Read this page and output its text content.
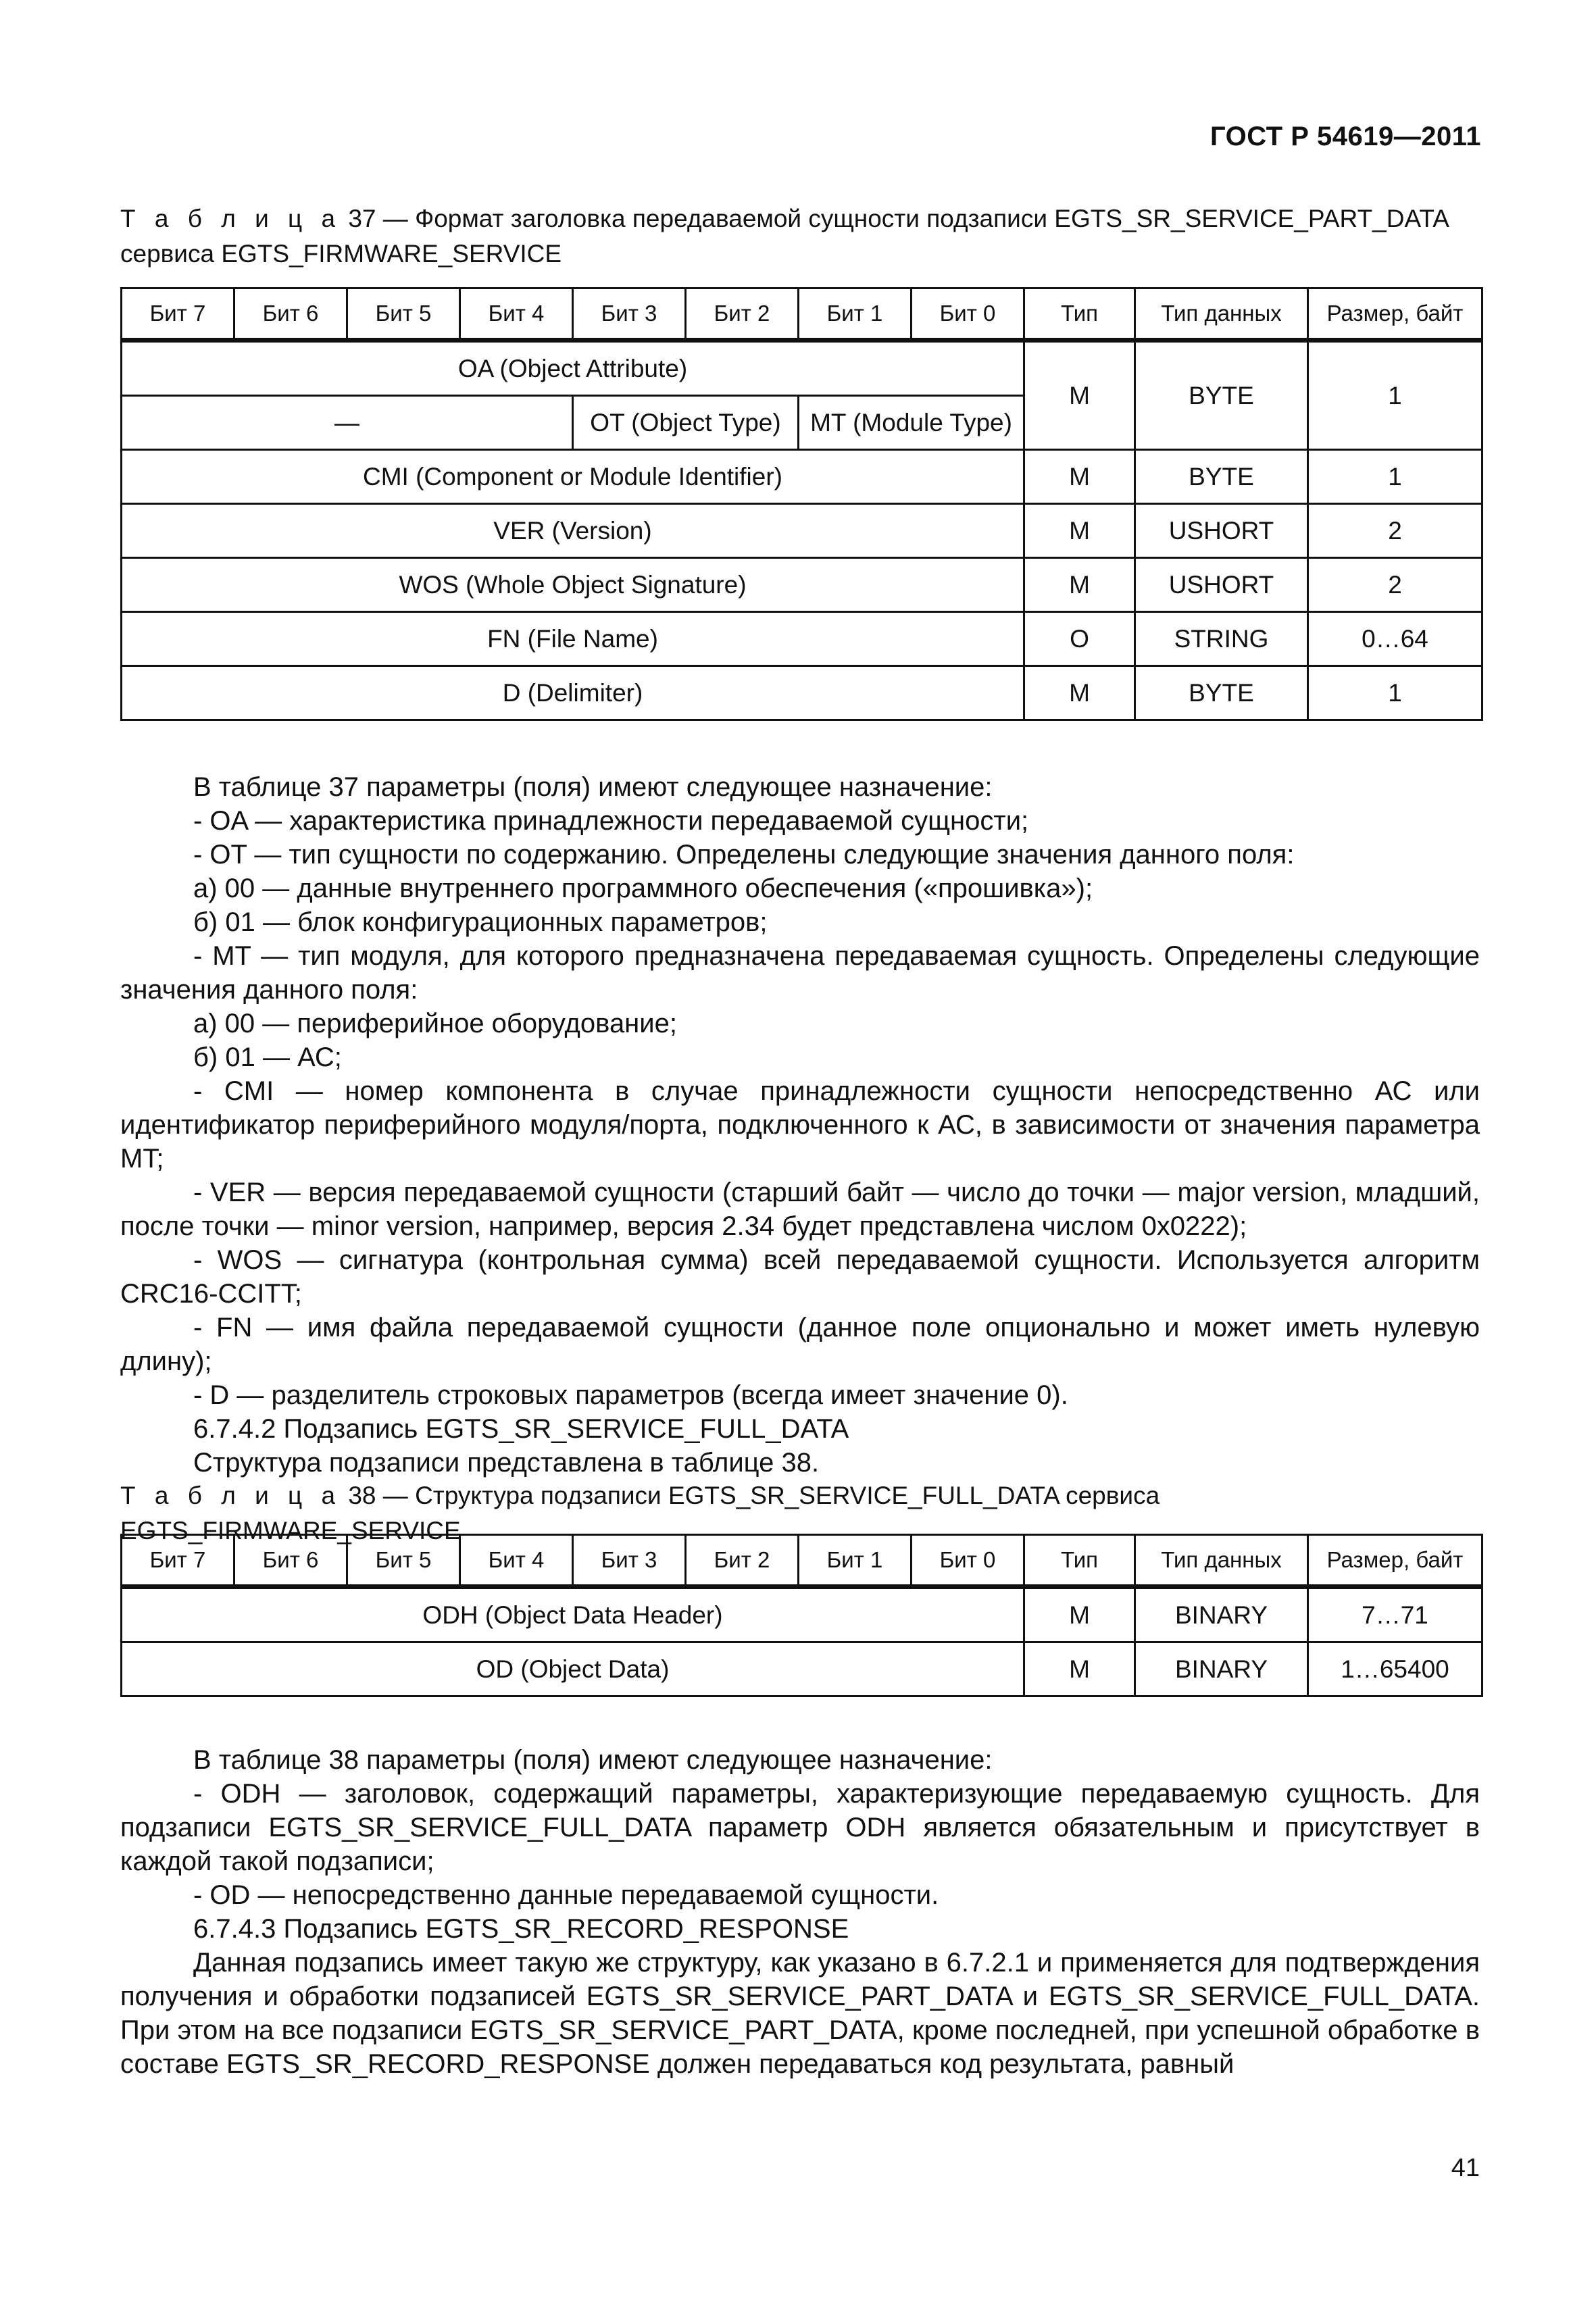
ГОСТ Р 54619—2011
Т а б л и ц а 37 — Формат заголовка передаваемой сущности подзаписи EGTS_SR_SERVICE_PART_DATA сервиса EGTS_FIRMWARE_SERVICE
Бит 7	Бит 6	Бит 5	Бит 4	Бит 3	Бит 2	Бит 1	Бит 0	Тип	Тип данных	Размер, байт
OA (Object Attribute)								M	BYTE	1
—				OT (Object Type)		MT (Module Type)				
CMI (Component or Module Identifier)								M	BYTE	1
VER (Version)								M	USHORT	2
WOS (Whole Object Signature)								M	USHORT	2
FN (File Name)								O	STRING	0…64
D (Delimiter)								M	BYTE	1

В таблице 37 параметры (поля) имеют следующее назначение:

- OA — характеристика принадлежности передаваемой сущности;

- OT — тип сущности по содержанию. Определены следующие значения данного поля:

а) 00 — данные внутреннего программного обеспечения («прошивка»);

б) 01 — блок конфигурационных параметров;

- MT — тип модуля, для которого предназначена передаваемая сущность. Определены следующие значения данного поля:

а) 00 — периферийное оборудование;

б) 01 — АС;

- CMI — номер компонента в случае принадлежности сущности непосредственно АС или идентификатор периферийного модуля/порта, подключенного к АС, в зависимости от значения параметра MT;

- VER — версия передаваемой сущности (старший байт — число до точки — major version, младший, после точки — minor version, например, версия 2.34 будет представлена числом 0x0222);

- WOS — сигнатура (контрольная сумма) всей передаваемой сущности. Используется алгоритм CRC16-CCITT;

- FN — имя файла передаваемой сущности (данное поле опционально и может иметь нулевую длину);

- D — разделитель строковых параметров (всегда имеет значение 0).

6.7.4.2 Подзапись EGTS_SR_SERVICE_FULL_DATA

Структура подзаписи представлена в таблице 38.

Т а б л и ц а 38 — Структура подзаписи EGTS_SR_SERVICE_FULL_DATA сервиса EGTS_FIRMWARE_SERVICE
Бит 7	Бит 6	Бит 5	Бит 4	Бит 3	Бит 2	Бит 1	Бит 0	Тип	Тип данных	Размер, байт
ODH (Object Data Header)								M	BINARY	7…71
OD (Object Data)								M	BINARY	1…65400

В таблице 38 параметры (поля) имеют следующее назначение:

- ODH — заголовок, содержащий параметры, характеризующие передаваемую сущность. Для подзаписи EGTS_SR_SERVICE_FULL_DATA параметр ODH является обязательным и присутствует в каждой такой подзаписи;

- OD — непосредственно данные передаваемой сущности.

6.7.4.3 Подзапись EGTS_SR_RECORD_RESPONSE

Данная подзапись имеет такую же структуру, как указано в 6.7.2.1 и применяется для подтверждения получения и обработки подзаписей EGTS_SR_SERVICE_PART_DATA и EGTS_SR_SERVICE_FULL_DATA. При этом на все подзаписи EGTS_SR_SERVICE_PART_DATA, кроме последней, при успешной обработке в составе EGTS_SR_RECORD_RESPONSE должен передаваться код результата, равный

41
